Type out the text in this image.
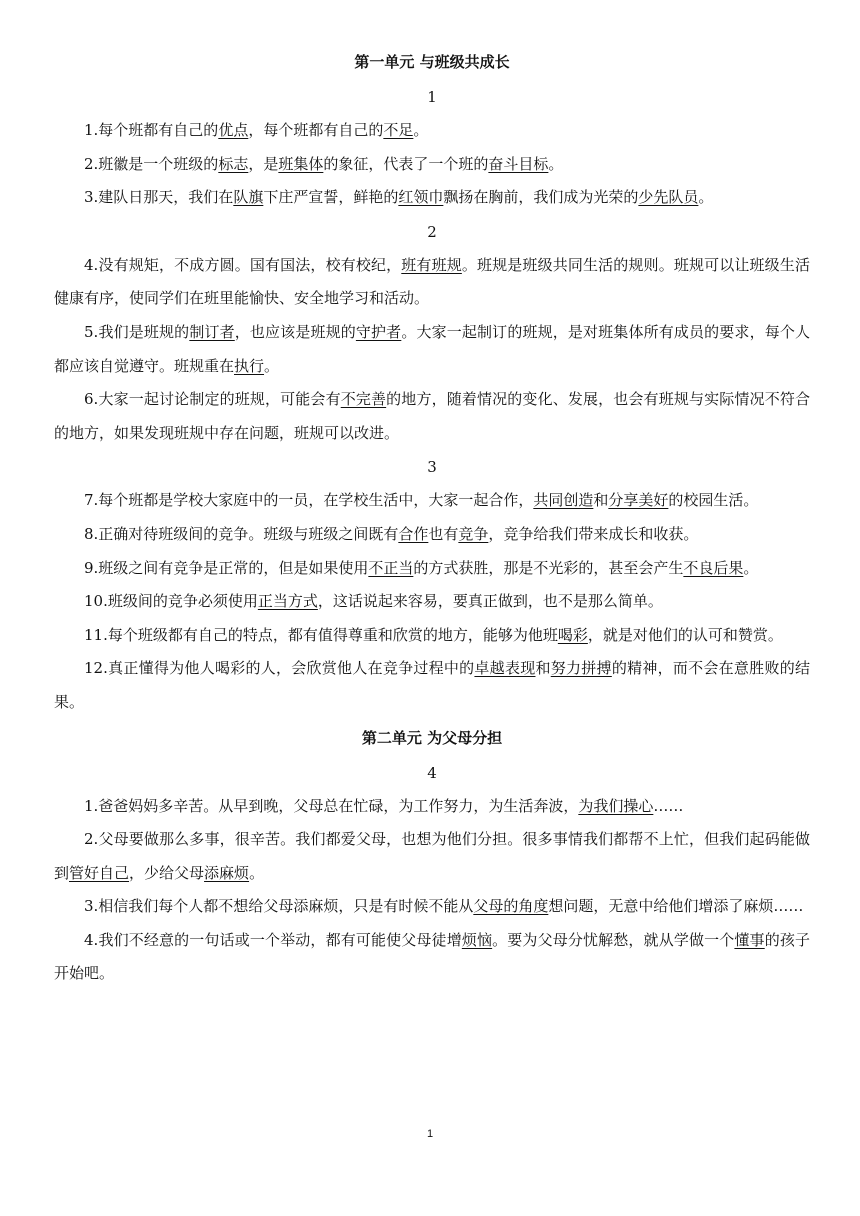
第一单元 与班级共成长
1

1.每个班都有自己的优点，每个班都有自己的不足。

2.班徽是一个班级的标志，是班集体的象征，代表了一个班的奋斗目标。

3.建队日那天，我们在队旗下庄严宣誓，鲜艳的红领巾飘扬在胸前，我们成为光荣的少先队员。

2

4.没有规矩，不成方圆。国有国法，校有校纪，班有班规。班规是班级共同生活的规则。班规可以让班级生活健康有序，使同学们在班里能愉快、安全地学习和活动。

5.我们是班规的制订者，也应该是班规的守护者。大家一起制订的班规，是对班集体所有成员的要求，每个人都应该自觉遵守。班规重在执行。

6.大家一起讨论制定的班规，可能会有不完善的地方，随着情况的变化、发展，也会有班规与实际情况不符合的地方，如果发现班规中存在问题，班规可以改进。

3

7.每个班都是学校大家庭中的一员，在学校生活中，大家一起合作，共同创造和分享美好的校园生活。

8.正确对待班级间的竞争。班级与班级之间既有合作也有竞争，竞争给我们带来成长和收获。

9.班级之间有竞争是正常的，但是如果使用不正当的方式获胜，那是不光彩的，甚至会产生不良后果。

10.班级间的竞争必须使用正当方式，这话说起来容易，要真正做到，也不是那么简单。

11.每个班级都有自己的特点，都有值得尊重和欣赏的地方，能够为他班喝彩，就是对他们的认可和赞赏。

12.真正懂得为他人喝彩的人，会欣赏他人在竞争过程中的卓越表现和努力拼搏的精神，而不会在意胜败的结果。

第二单元 为父母分担
4

1.爸爸妈妈多辛苦。从早到晚，父母总在忙碌，为工作努力，为生活奔波，为我们操心……

2.父母要做那么多事，很辛苦。我们都爱父母，也想为他们分担。很多事情我们都帮不上忙，但我们起码能做到管好自己，少给父母添麻烦。

3.相信我们每个人都不想给父母添麻烦，只是有时候不能从父母的角度想问题，无意中给他们增添了麻烦……

4.我们不经意的一句话或一个举动，都有可能使父母徒增烦恼。要为父母分忧解愁，就从学做一个懂事的孩子开始吧。

1
